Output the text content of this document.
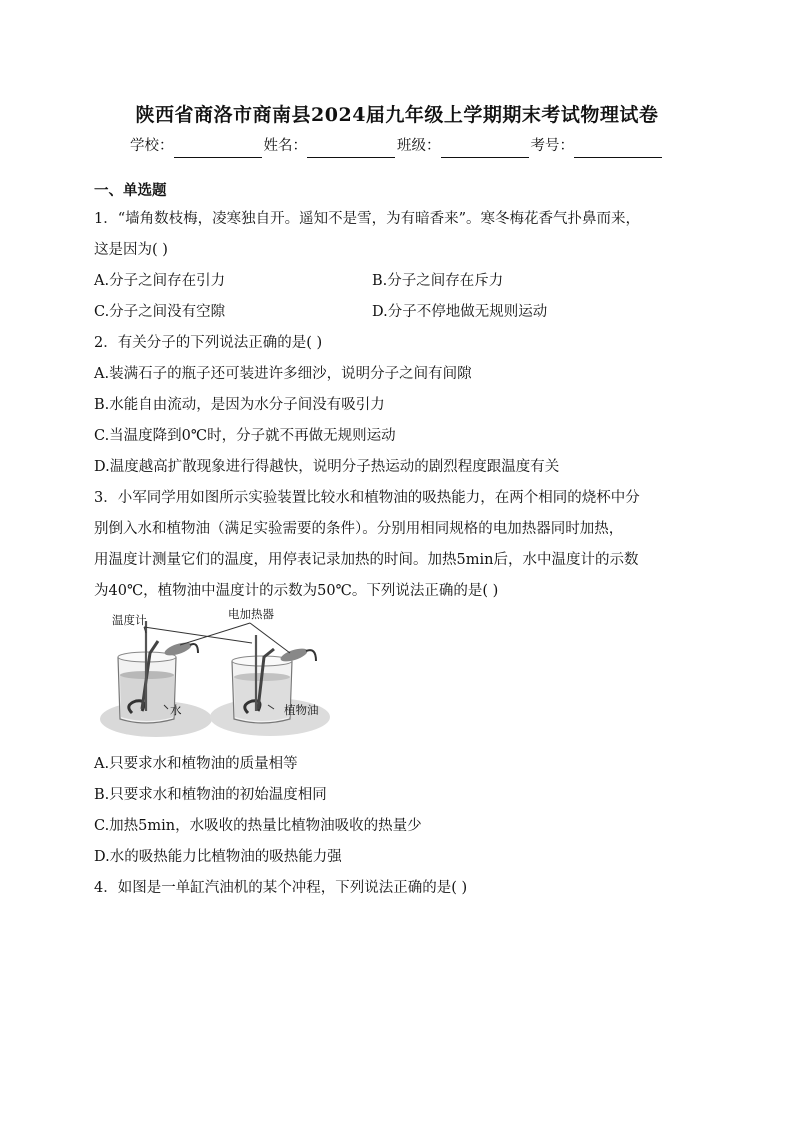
陕西省商洛市商南县2024届九年级上学期期末考试物理试卷
学校：	姓名：	班级：	考号：
一、单选题
1．“墙角数枝梅，凌寒独自开。遥知不是雪，为有暗香来”。寒冬梅花香气扑鼻而来，
这是因为( )
A.分子之间存在引力	B.分子之间存在斥力
C.分子之间没有空隙	D.分子不停地做无规则运动
2．有关分子的下列说法正确的是( )
A.装满石子的瓶子还可装进许多细沙，说明分子之间有间隙
B.水能自由流动，是因为水分子间没有吸引力
C.当温度降到0℃时，分子就不再做无规则运动
D.温度越高扩散现象进行得越快，说明分子热运动的剧烈程度跟温度有关
3．小军同学用如图所示实验装置比较水和植物油的吸热能力，在两个相同的烧杯中分
别倒入水和植物油（满足实验需要的条件）。分别用相同规格的电加热器同时加热，
用温度计测量它们的温度，用停表记录加热的时间。加热5min后，水中温度计的示数
为40℃，植物油中温度计的示数为50℃。下列说法正确的是( )
温度计	电加热器
水	植物油
A.只要求水和植物油的质量相等
B.只要求水和植物油的初始温度相同
C.加热5min，水吸收的热量比植物油吸收的热量少
D.水的吸热能力比植物油的吸热能力强
4．如图是一单缸汽油机的某个冲程，下列说法正确的是( )
